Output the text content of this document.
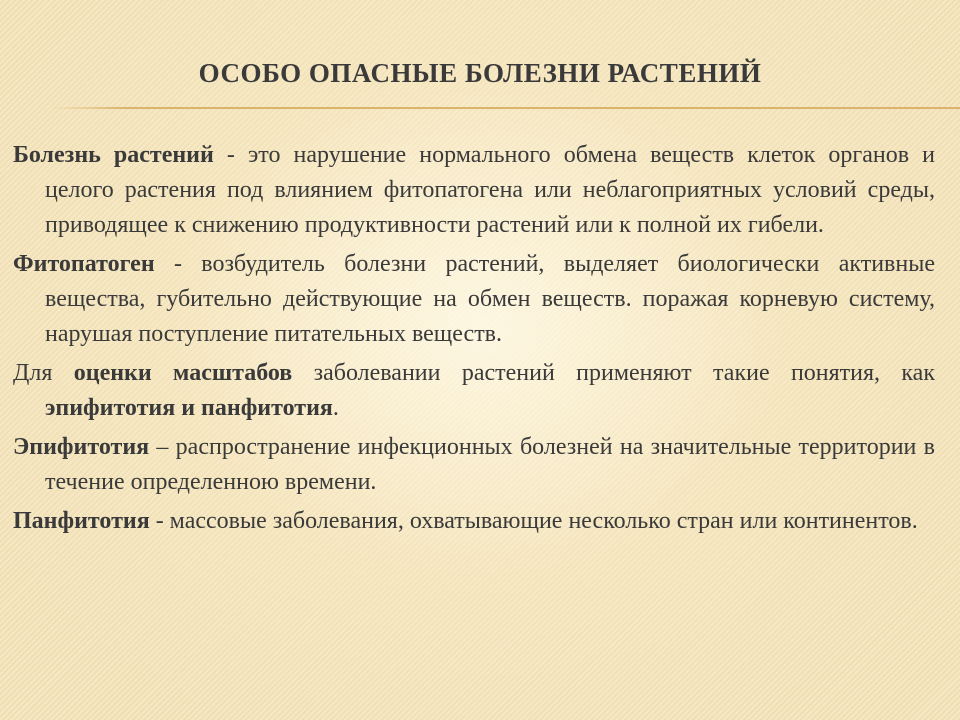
ОСОБО ОПАСНЫЕ БОЛЕЗНИ РАСТЕНИЙ

Болезнь растений - это нарушение нормального обмена веществ клеток органов и целого растения под влиянием фитопатогена или неблагоприятных условий среды, приводящее к снижению продуктивности растений или к полной их гибели.

Фитопатоген - возбудитель болезни растений, выделяет биологически активные вещества, губительно действующие на обмен веществ. поражая корневую систему, нарушая поступление питательных веществ.

Для оценки масштабов заболевании растений применяют такие понятия, как эпифитотия и панфитотия.

Эпифитотия – распространение инфекционных болезней на значительные территории в течение определенною времени.

Панфитотия - массовые заболевания, охватывающие несколько стран или континентов.
